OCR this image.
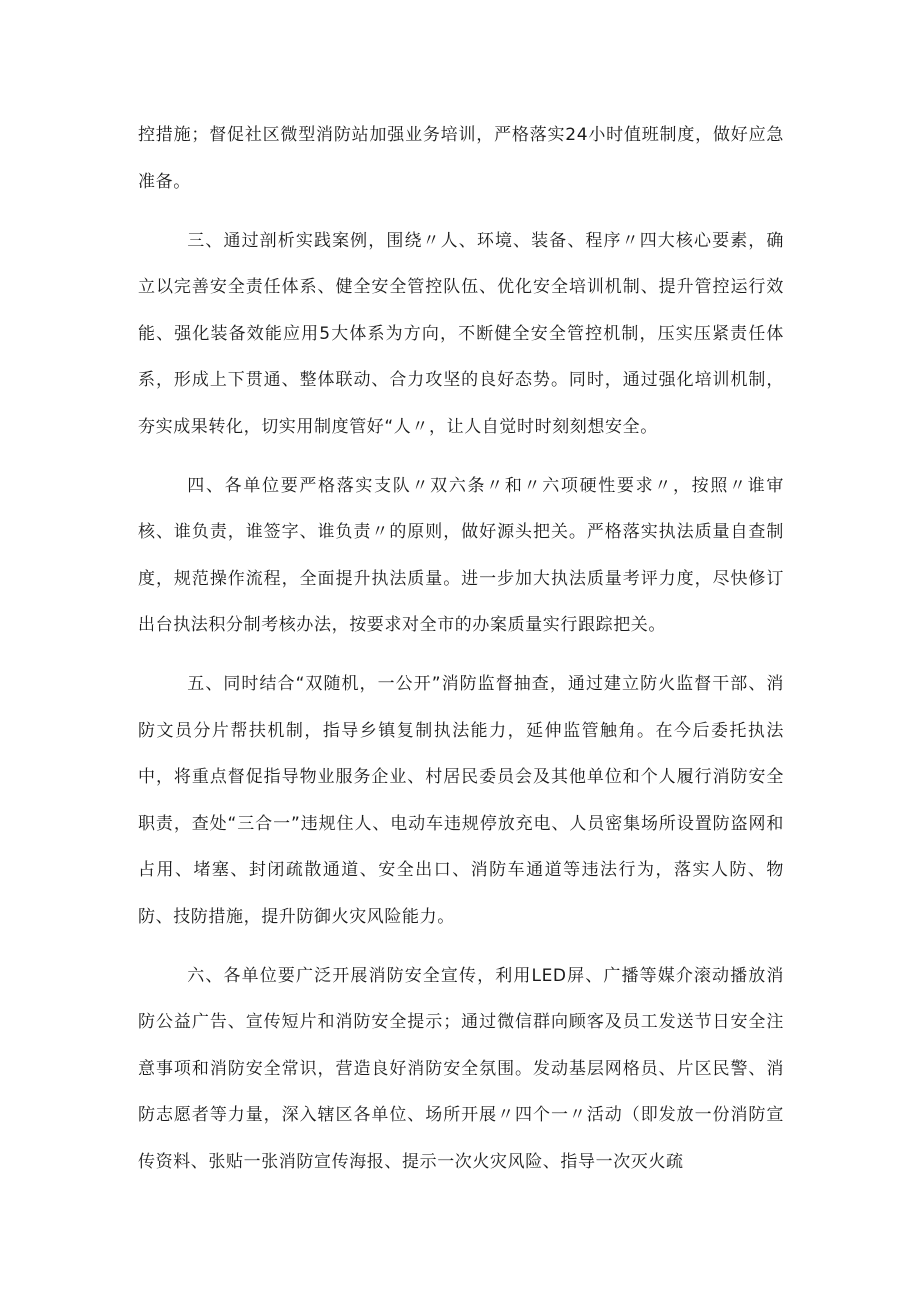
控措施；督促社区微型消防站加强业务培训，严格落实24小时值班制度，做好应急准备。

三、通过剖析实践案例，围绕〃人、环境、装备、程序〃四大核心要素，确立以完善安全责任体系、健全安全管控队伍、优化安全培训机制、提升管控运行效能、强化装备效能应用5大体系为方向，不断健全安全管控机制，压实压紧责任体系，形成上下贯通、整体联动、合力攻坚的良好态势。同时，通过强化培训机制，夯实成果转化，切实用制度管好“人〃，让人自觉时时刻刻想安全。

四、各单位要严格落实支队〃双六条〃和〃六项硬性要求〃，按照〃谁审核、谁负责，谁签字、谁负责〃的原则，做好源头把关。严格落实执法质量自查制度，规范操作流程，全面提升执法质量。进一步加大执法质量考评力度，尽快修订出台执法积分制考核办法，按要求对全市的办案质量实行跟踪把关。

五、同时结合“双随机，一公开”消防监督抽查，通过建立防火监督干部、消防文员分片帮扶机制，指导乡镇复制执法能力，延伸监管触角。在今后委托执法中，将重点督促指导物业服务企业、村居民委员会及其他单位和个人履行消防安全职责，查处“三合一”违规住人、电动车违规停放充电、人员密集场所设置防盗网和占用、堵塞、封闭疏散通道、安全出口、消防车通道等违法行为，落实人防、物防、技防措施，提升防御火灾风险能力。

六、各单位要广泛开展消防安全宣传，利用LED屏、广播等媒介滚动播放消防公益广告、宣传短片和消防安全提示；通过微信群向顾客及员工发送节日安全注意事项和消防安全常识，营造良好消防安全氛围。发动基层网格员、片区民警、消防志愿者等力量，深入辖区各单位、场所开展〃四个一〃活动（即发放一份消防宣传资料、张贴一张消防宣传海报、提示一次火灾风险、指导一次灭火疏
